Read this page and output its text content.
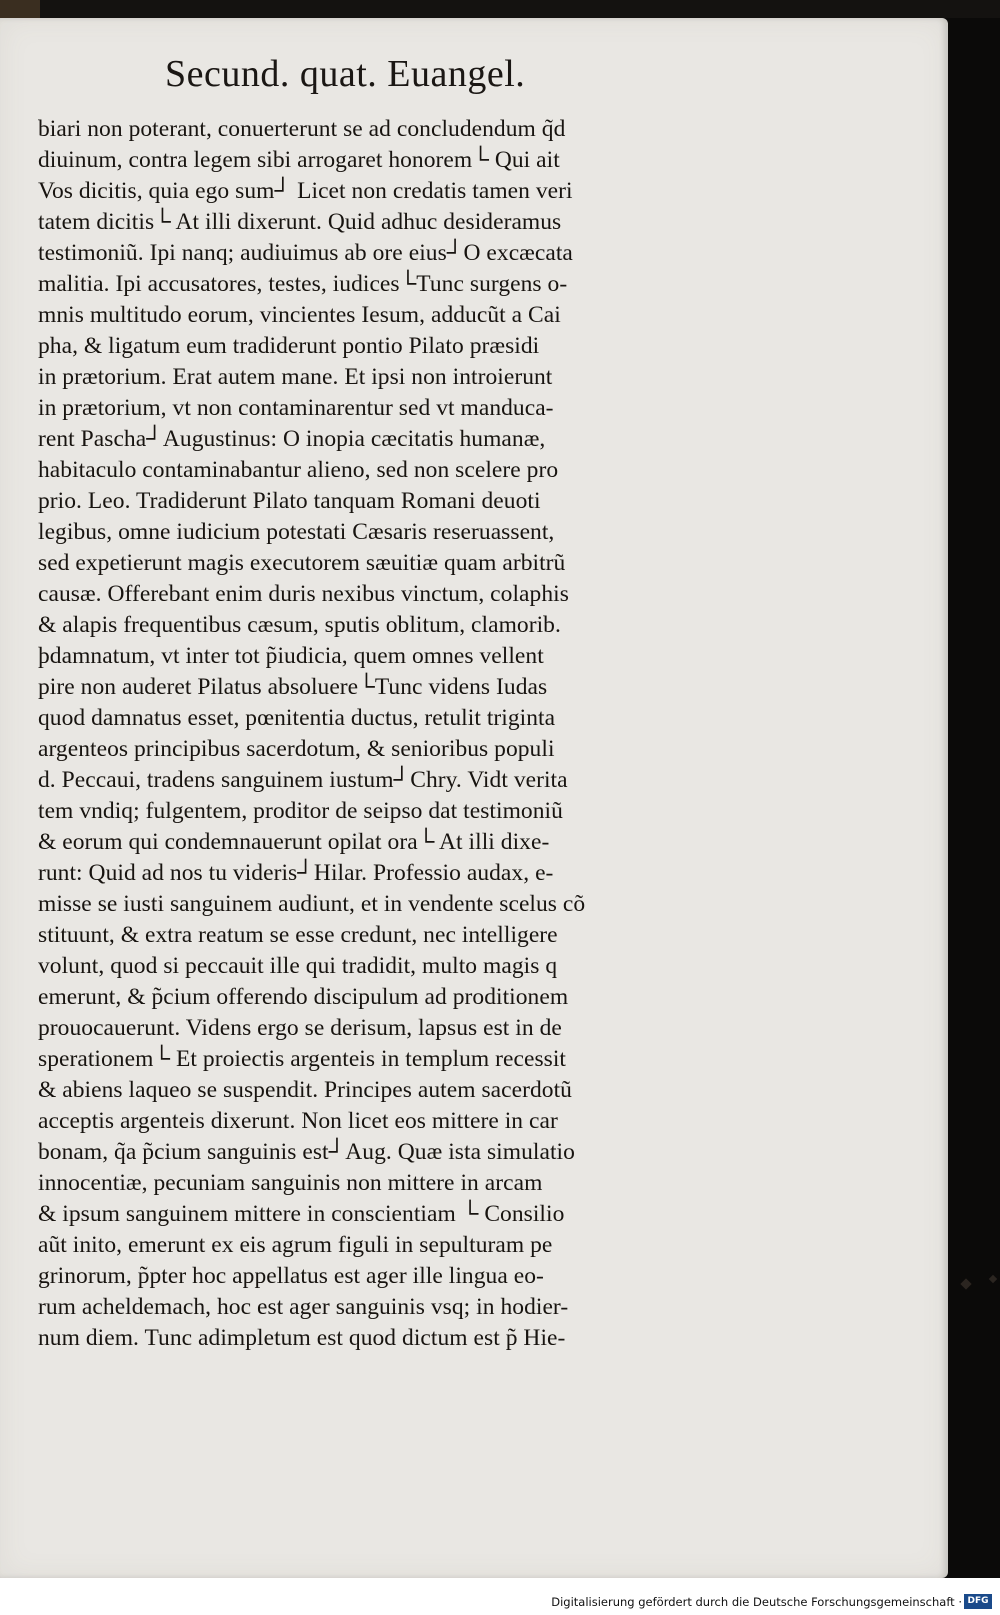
Secund. quat. Euangel.
biari non poterant, conuerterunt se ad concludendum q̃d
diuinum, contra legem sibi arrogaret honorem└ Qui ait
Vos dicitis, quia ego sum┘ Licet non credatis tamen veri
tatem dicitis└ At illi dixerunt. Quid adhuc desideramus
testimoniũ. Ipi nanq; audiuimus ab ore eius┘O excæcata
malitia. Ipi accusatores, testes, iudices└Tunc surgens o-
mnis multitudo eorum, vincientes Iesum, adducũt a Cai
pha, & ligatum eum tradiderunt pontio Pilato præsidi
in prætorium. Erat autem mane. Et ipsi non introierunt
in prætorium, vt non contaminarentur sed vt manduca-
rent Pascha┘Augustinus: O inopia cæcitatis humanæ,
habitaculo contaminabantur alieno, sed non scelere pro
prio. Leo. Tradiderunt Pilato tanquam Romani deuoti
legibus, omne iudicium potestati Cæsaris reseruassent,
sed expetierunt magis executorem sæuitiæ quam arbitrũ
causæ. Offerebant enim duris nexibus vinctum, colaphis
& alapis frequentibus cæsum, sputis oblitum, clamorib.
þdamnatum, vt inter tot p̃iudicia, quem omnes vellent
pire non auderet Pilatus absoluere└Tunc videns Iudas
quod damnatus esset, pœnitentia ductus, retulit triginta
argenteos principibus sacerdotum, & senioribus populi
d. Peccaui, tradens sanguinem iustum┘Chry. Vidt verita
tem vndiq; fulgentem, proditor de seipso dat testimoniũ
& eorum qui condemnauerunt opilat ora└ At illi dixe-
runt: Quid ad nos tu videris┘Hilar. Professio audax, e-
misse se iusti sanguinem audiunt, et in vendente scelus cõ
stituunt, & extra reatum se esse credunt, nec intelligere
volunt, quod si peccauit ille qui tradidit, multo magis q
emerunt, & p̃cium offerendo discipulum ad proditionem
prouocauerunt. Videns ergo se derisum, lapsus est in de
sperationem└ Et proiectis argenteis in templum recessit
& abiens laqueo se suspendit. Principes autem sacerdotũ
acceptis argenteis dixerunt. Non licet eos mittere in car
bonam, q̃a p̃cium sanguinis est┘Aug. Quæ ista simulatio
innocentiæ, pecuniam sanguinis non mittere in arcam
& ipsum sanguinem mittere in conscientiam └ Consilio
aũt inito, emerunt ex eis agrum figuli in sepulturam pe
grinorum, p̃pter hoc appellatus est ager ille lingua eo-
rum acheldemach, hoc est ager sanguinis vsq; in hodier-
num diem. Tunc adimpletum est quod dictum est p̃ Hie-
Digitalisierung gefördert durch die Deutsche Forschungsgemeinschaft · DFG
